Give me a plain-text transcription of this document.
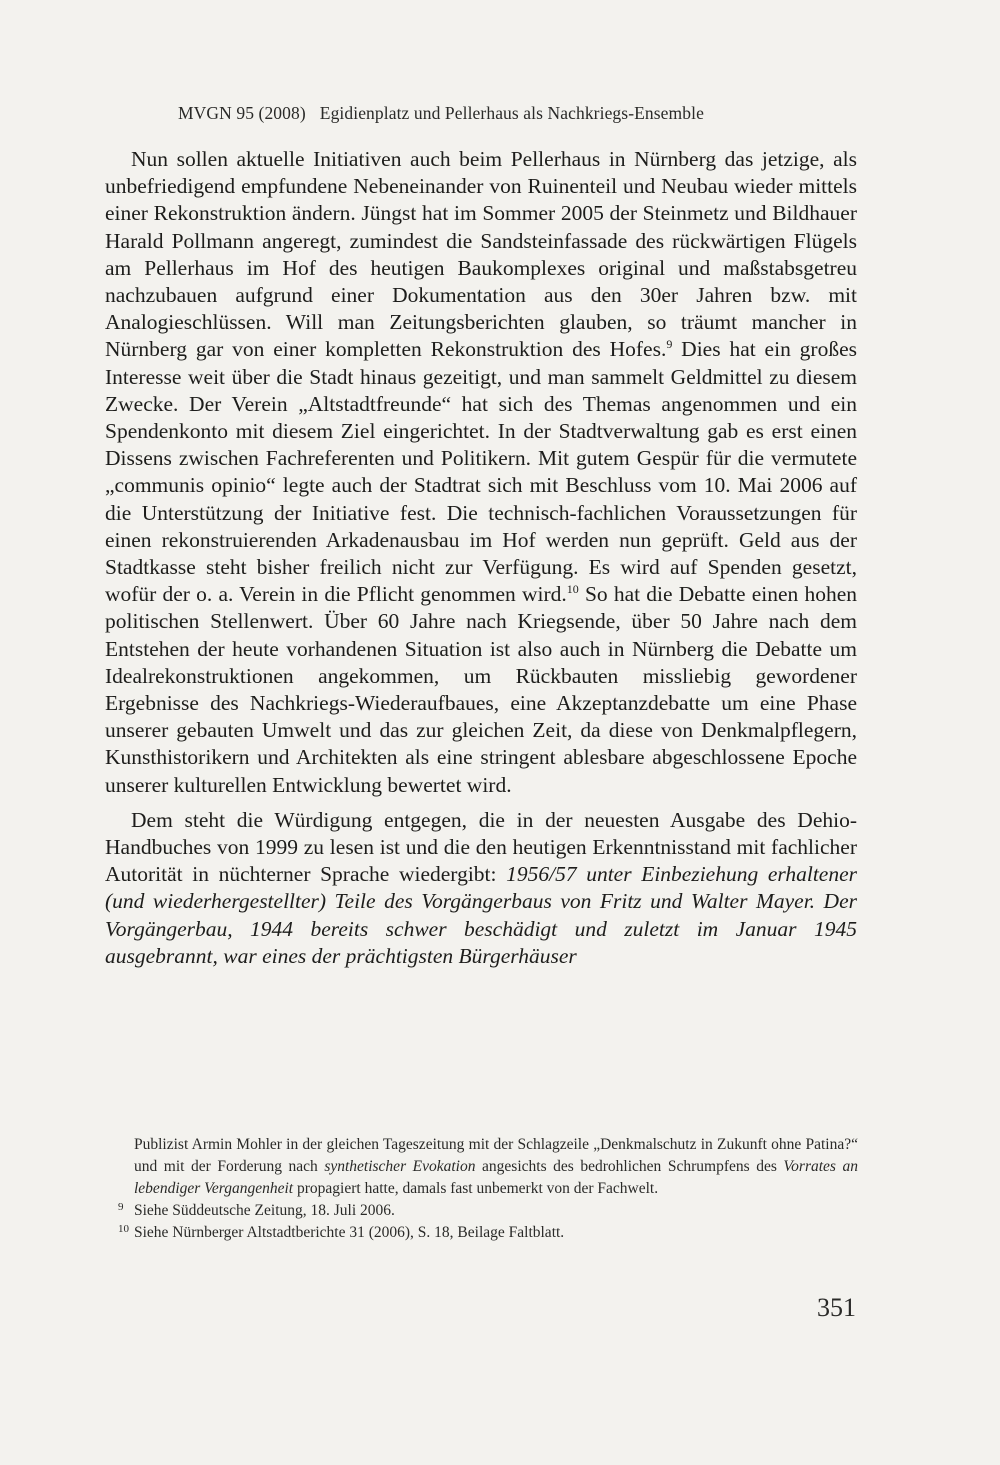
MVGN 95 (2008) Egidienplatz und Pellerhaus als Nachkriegs-Ensemble

Nun sollen aktuelle Initiativen auch beim Pellerhaus in Nürnberg das jetzige, als unbefriedigend empfundene Nebeneinander von Ruinenteil und Neubau wieder mittels einer Rekonstruktion ändern. Jüngst hat im Sommer 2005 der Steinmetz und Bildhauer Harald Pollmann angeregt, zumindest die Sandsteinfassade des rückwärtigen Flügels am Pellerhaus im Hof des heutigen Baukomplexes original und maßstabsgetreu nachzubauen aufgrund einer Dokumentation aus den 30er Jahren bzw. mit Analogieschlüssen. Will man Zeitungsberichten glauben, so träumt mancher in Nürnberg gar von einer kompletten Rekonstruktion des Hofes.$^9$ Dies hat ein großes Interesse weit über die Stadt hinaus gezeitigt, und man sammelt Geldmittel zu diesem Zwecke. Der Verein „Altstadtfreunde“ hat sich des Themas angenommen und ein Spendenkonto mit diesem Ziel eingerichtet. In der Stadtverwaltung gab es erst einen Dissens zwischen Fachreferenten und Politikern. Mit gutem Gespür für die vermutete „communis opinio“ legte auch der Stadtrat sich mit Beschluss vom 10. Mai 2006 auf die Unterstützung der Initiative fest. Die technisch-fachlichen Voraussetzungen für einen rekonstruierenden Arkadenausbau im Hof werden nun geprüft. Geld aus der Stadtkasse steht bisher freilich nicht zur Verfügung. Es wird auf Spenden gesetzt, wofür der o. a. Verein in die Pflicht genommen wird.$^{10}$ So hat die Debatte einen hohen politischen Stellenwert. Über 60 Jahre nach Kriegsende, über 50 Jahre nach dem Entstehen der heute vorhandenen Situation ist also auch in Nürnberg die Debatte um Idealrekonstruktionen angekommen, um Rückbauten missliebig gewordener Ergebnisse des Nachkriegs-Wiederaufbaues, eine Akzeptanzdebatte um eine Phase unserer gebauten Umwelt und das zur gleichen Zeit, da diese von Denkmalpflegern, Kunsthistorikern und Architekten als eine stringent ablesbare abgeschlossene Epoche unserer kulturellen Entwicklung bewertet wird.

Dem steht die Würdigung entgegen, die in der neuesten Ausgabe des Dehio-Handbuches von 1999 zu lesen ist und die den heutigen Erkenntnisstand mit fachlicher Autorität in nüchterner Sprache wiedergibt: 1956/57 unter Einbeziehung erhaltener (und wiederhergestellter) Teile des Vorgängerbaus von Fritz und Walter Mayer. Der Vorgängerbau, 1944 bereits schwer beschädigt und zuletzt im Januar 1945 ausgebrannt, war eines der prächtigsten Bürgerhäuser

Publizist Armin Mohler in der gleichen Tageszeitung mit der Schlagzeile „Denkmalschutz in Zukunft ohne Patina?“ und mit der Forderung nach synthetischer Evokation angesichts des bedrohlichen Schrumpfens des Vorrates an lebendiger Vergangenheit propagiert hatte, damals fast unbemerkt von der Fachwelt.

9 Siehe Süddeutsche Zeitung, 18. Juli 2006.

10 Siehe Nürnberger Altstadtberichte 31 (2006), S. 18, Beilage Faltblatt.

351
